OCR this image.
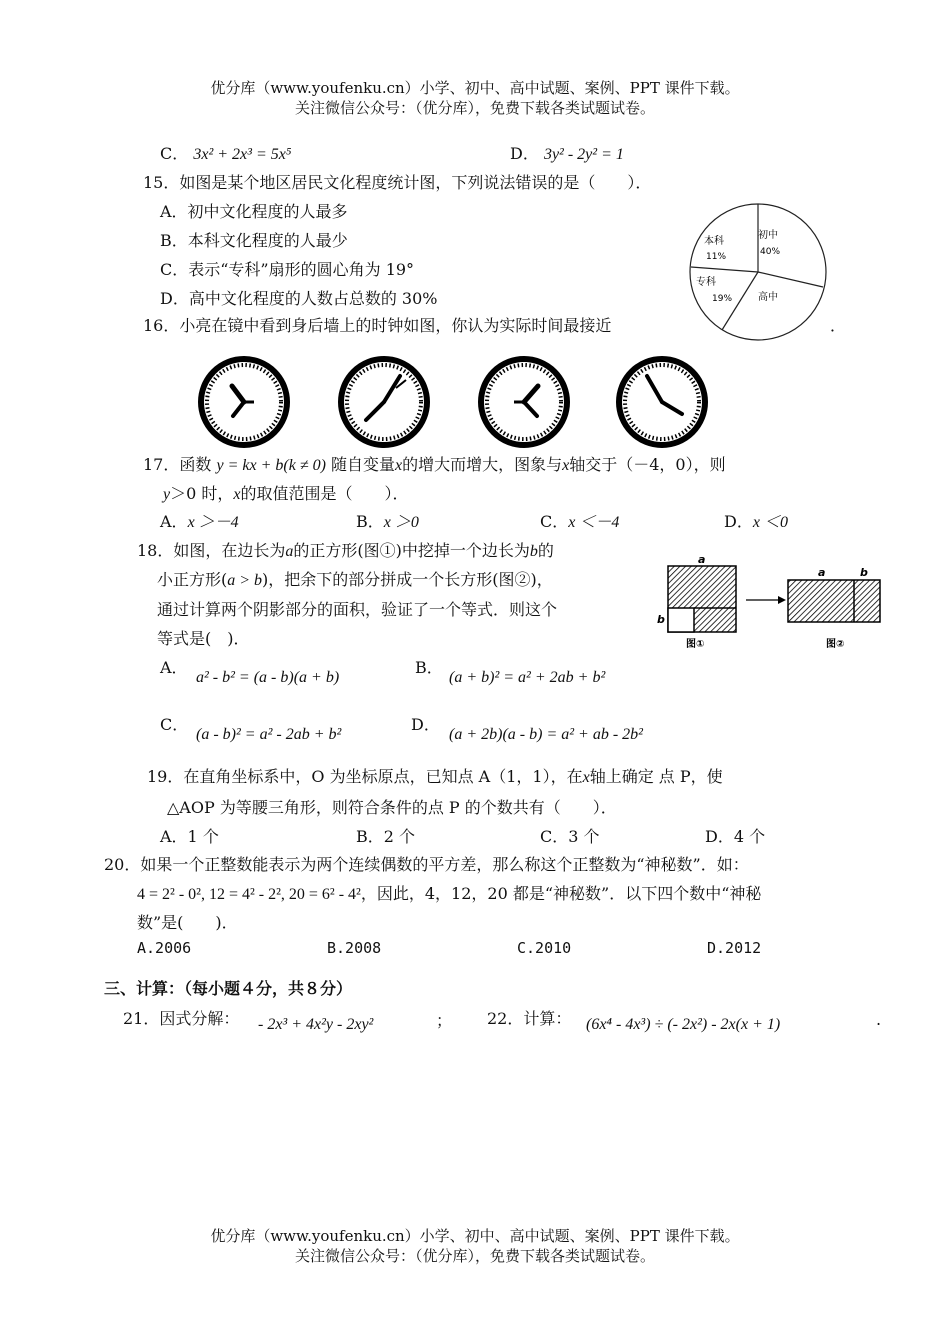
优分库（www.youfenku.cn）小学、初中、高中试题、案例、PPT 课件下载。
关注微信公众号：（优分库），免费下载各类试题试卷。
C． 3x² + 2x³ = 5x⁵	D． 3y² - 2y² = 1
15．如图是某个地区居民文化程度统计图，下列说法错误的是（　　）．
A．初中文化程度的人最多
B．本科文化程度的人最少
C．表示“专科”扇形的圆心角为 19°
D．高中文化程度的人数占总数的 30%
初中
40%
本科
11%
专科
19%	高中
16．小亮在镜中看到身后墙上的时钟如图，你认为实际时间最接近	．
17．函数 y = kx + b(k ≠ 0) 随自变量x的增大而增大，图象与x轴交于（－4，0），则
y＞0 时，x的取值范围是（　　）．
A．x ＞－4	B．x ＞0	C．x ＜－4	D．x ＜0
18．如图，在边长为a的正方形(图①)中挖掉一个边长为b的
小正方形(a > b)，把余下的部分拼成一个长方形(图②)，
通过计算两个阴影部分的面积，验证了一个等式．则这个
等式是(　)．
A．
a² - b² = (a - b)(a + b)
B．
(a + b)² = a² + 2ab + b²
C．
(a - b)² = a² - 2ab + b²
D．
(a + 2b)(a - b) = a² + ab - 2b²
a
b
a	b
图①	图②
19．在直角坐标系中，O 为坐标原点，已知点 A（1，1），在x轴上确定 点 P，使
△AOP 为等腰三角形，则符合条件的点 P 的个数共有（　　）．
A．1 个	B．2 个	C．3 个	D．4 个
20．如果一个正整数能表示为两个连续偶数的平方差，那么称这个正整数为“神秘数”．如：
4 = 2² - 0², 12 = 4² - 2², 20 = 6² - 4²，因此，4，12，20 都是“神秘数”．以下四个数中“神秘
数”是(　　)．
A.2006	B.2008	C.2010	D.2012
三、计算：（每小题４分，共８分）
21．因式分解： - 2x³ + 4x²y - 2xy²	； 22．计算： (6x⁴ - 4x³) ÷ (- 2x²) - 2x(x + 1)	.
优分库（www.youfenku.cn）小学、初中、高中试题、案例、PPT 课件下载。
关注微信公众号：（优分库），免费下载各类试题试卷。
